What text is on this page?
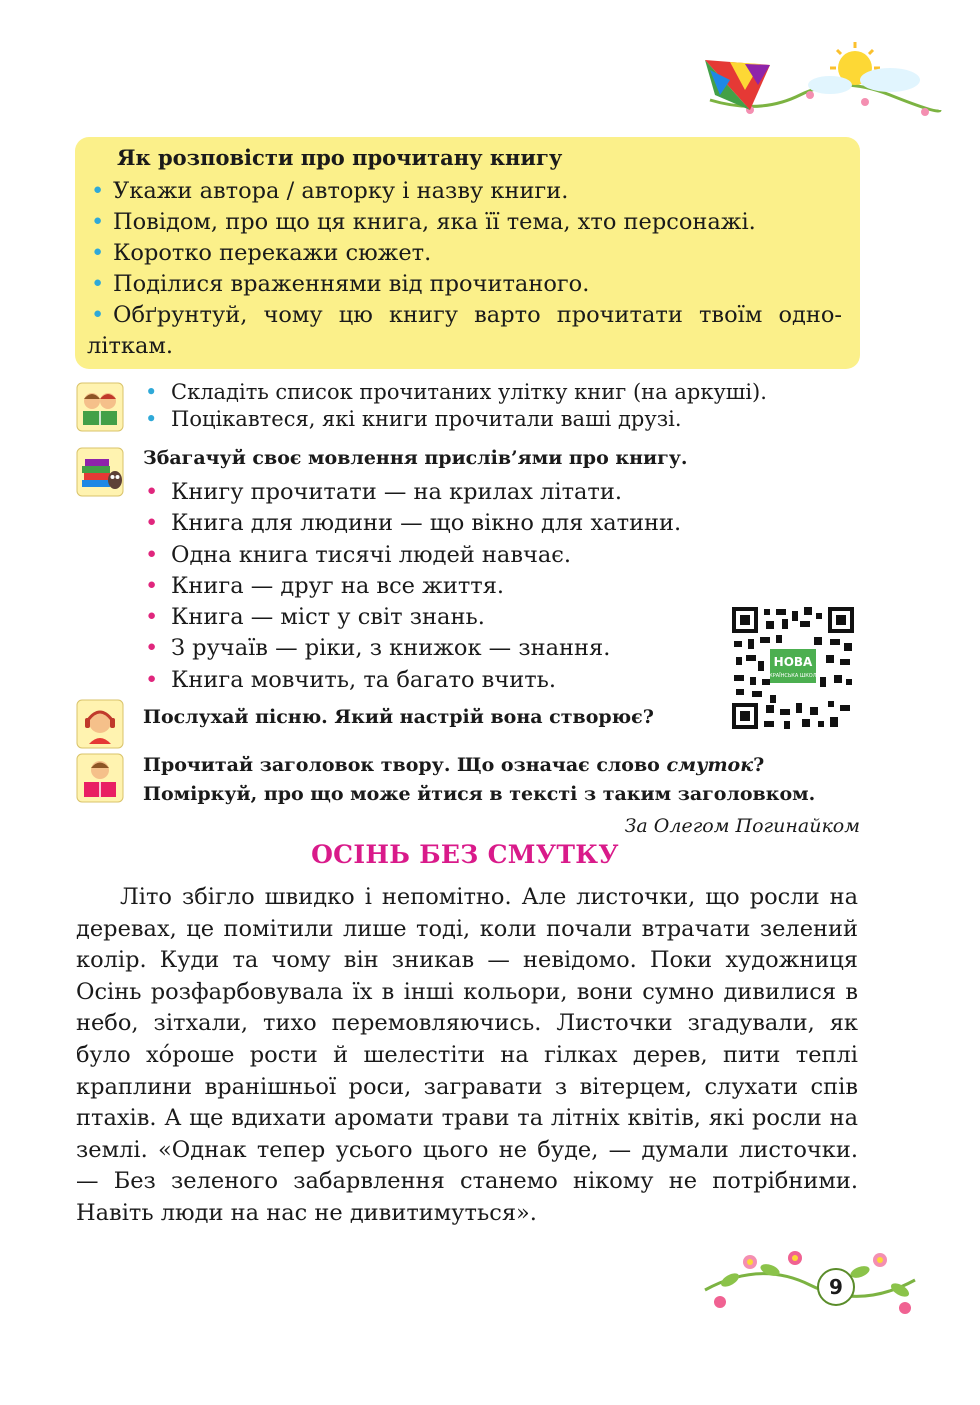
Як розповісти про прочитану книгу
• Укажи автора / авторку і назву книги.
• Повідом, про що ця книга, яка її тема, хто персонажі.
• Коротко перекажи сюжет.
• Поділися враженнями від прочитаного.
• Обґрунтуй, чому цю книгу варто прочитати твоїм одно-
літкам.
• Складіть список прочитаних улітку книг (на аркуші).
• Поцікавтеся, які книги прочитали ваші друзі.
Збагачуй своє мовлення прислів’ями про книгу.
• Книгу прочитати — на крилах літати.
• Книга для людини — що вікно для хатини.
• Одна книга тисячі людей навчає.
• Книга — друг на все життя.
• Книга — міст у світ знань.
• З ручаїв — ріки, з книжок — знання.
• Книга мовчить, та багато вчить.
НОВА
УКРАЇНСЬКА ШКОЛА
Послухай пісню. Який настрій вона створює?
Прочитай заголовок твору. Що означає слово смуток?
Поміркуй, про що може йтися в тексті з таким заголовком.
За Олегом Погинайком
ОСІНЬ БЕЗ СМУТКУ

Літо збігло швидко і непомітно. Але листочки, що росли на деревах, це помітили лише тоді, коли почали втрачати зелений колір. Куди та чому він зникав — невідомо. Поки художниця Осінь розфарбовувала їх в інші кольори, вони сумно дивилися в небо, зітхали, тихо перемовляючись. Листочки згадували, як було хо́роше рости й шелестіти на гілках дерев, пити теплі краплини вранішньої роси, загравати з вітерцем, слухати спів птахів. А ще вдихати аромати трави та літніх квітів, які росли на землі. «Однак тепер усього цього не буде, — думали листочки. — Без зеленого забарвлення станемо нікому не потрібними. Навіть люди на нас не дивитимуться».

9
